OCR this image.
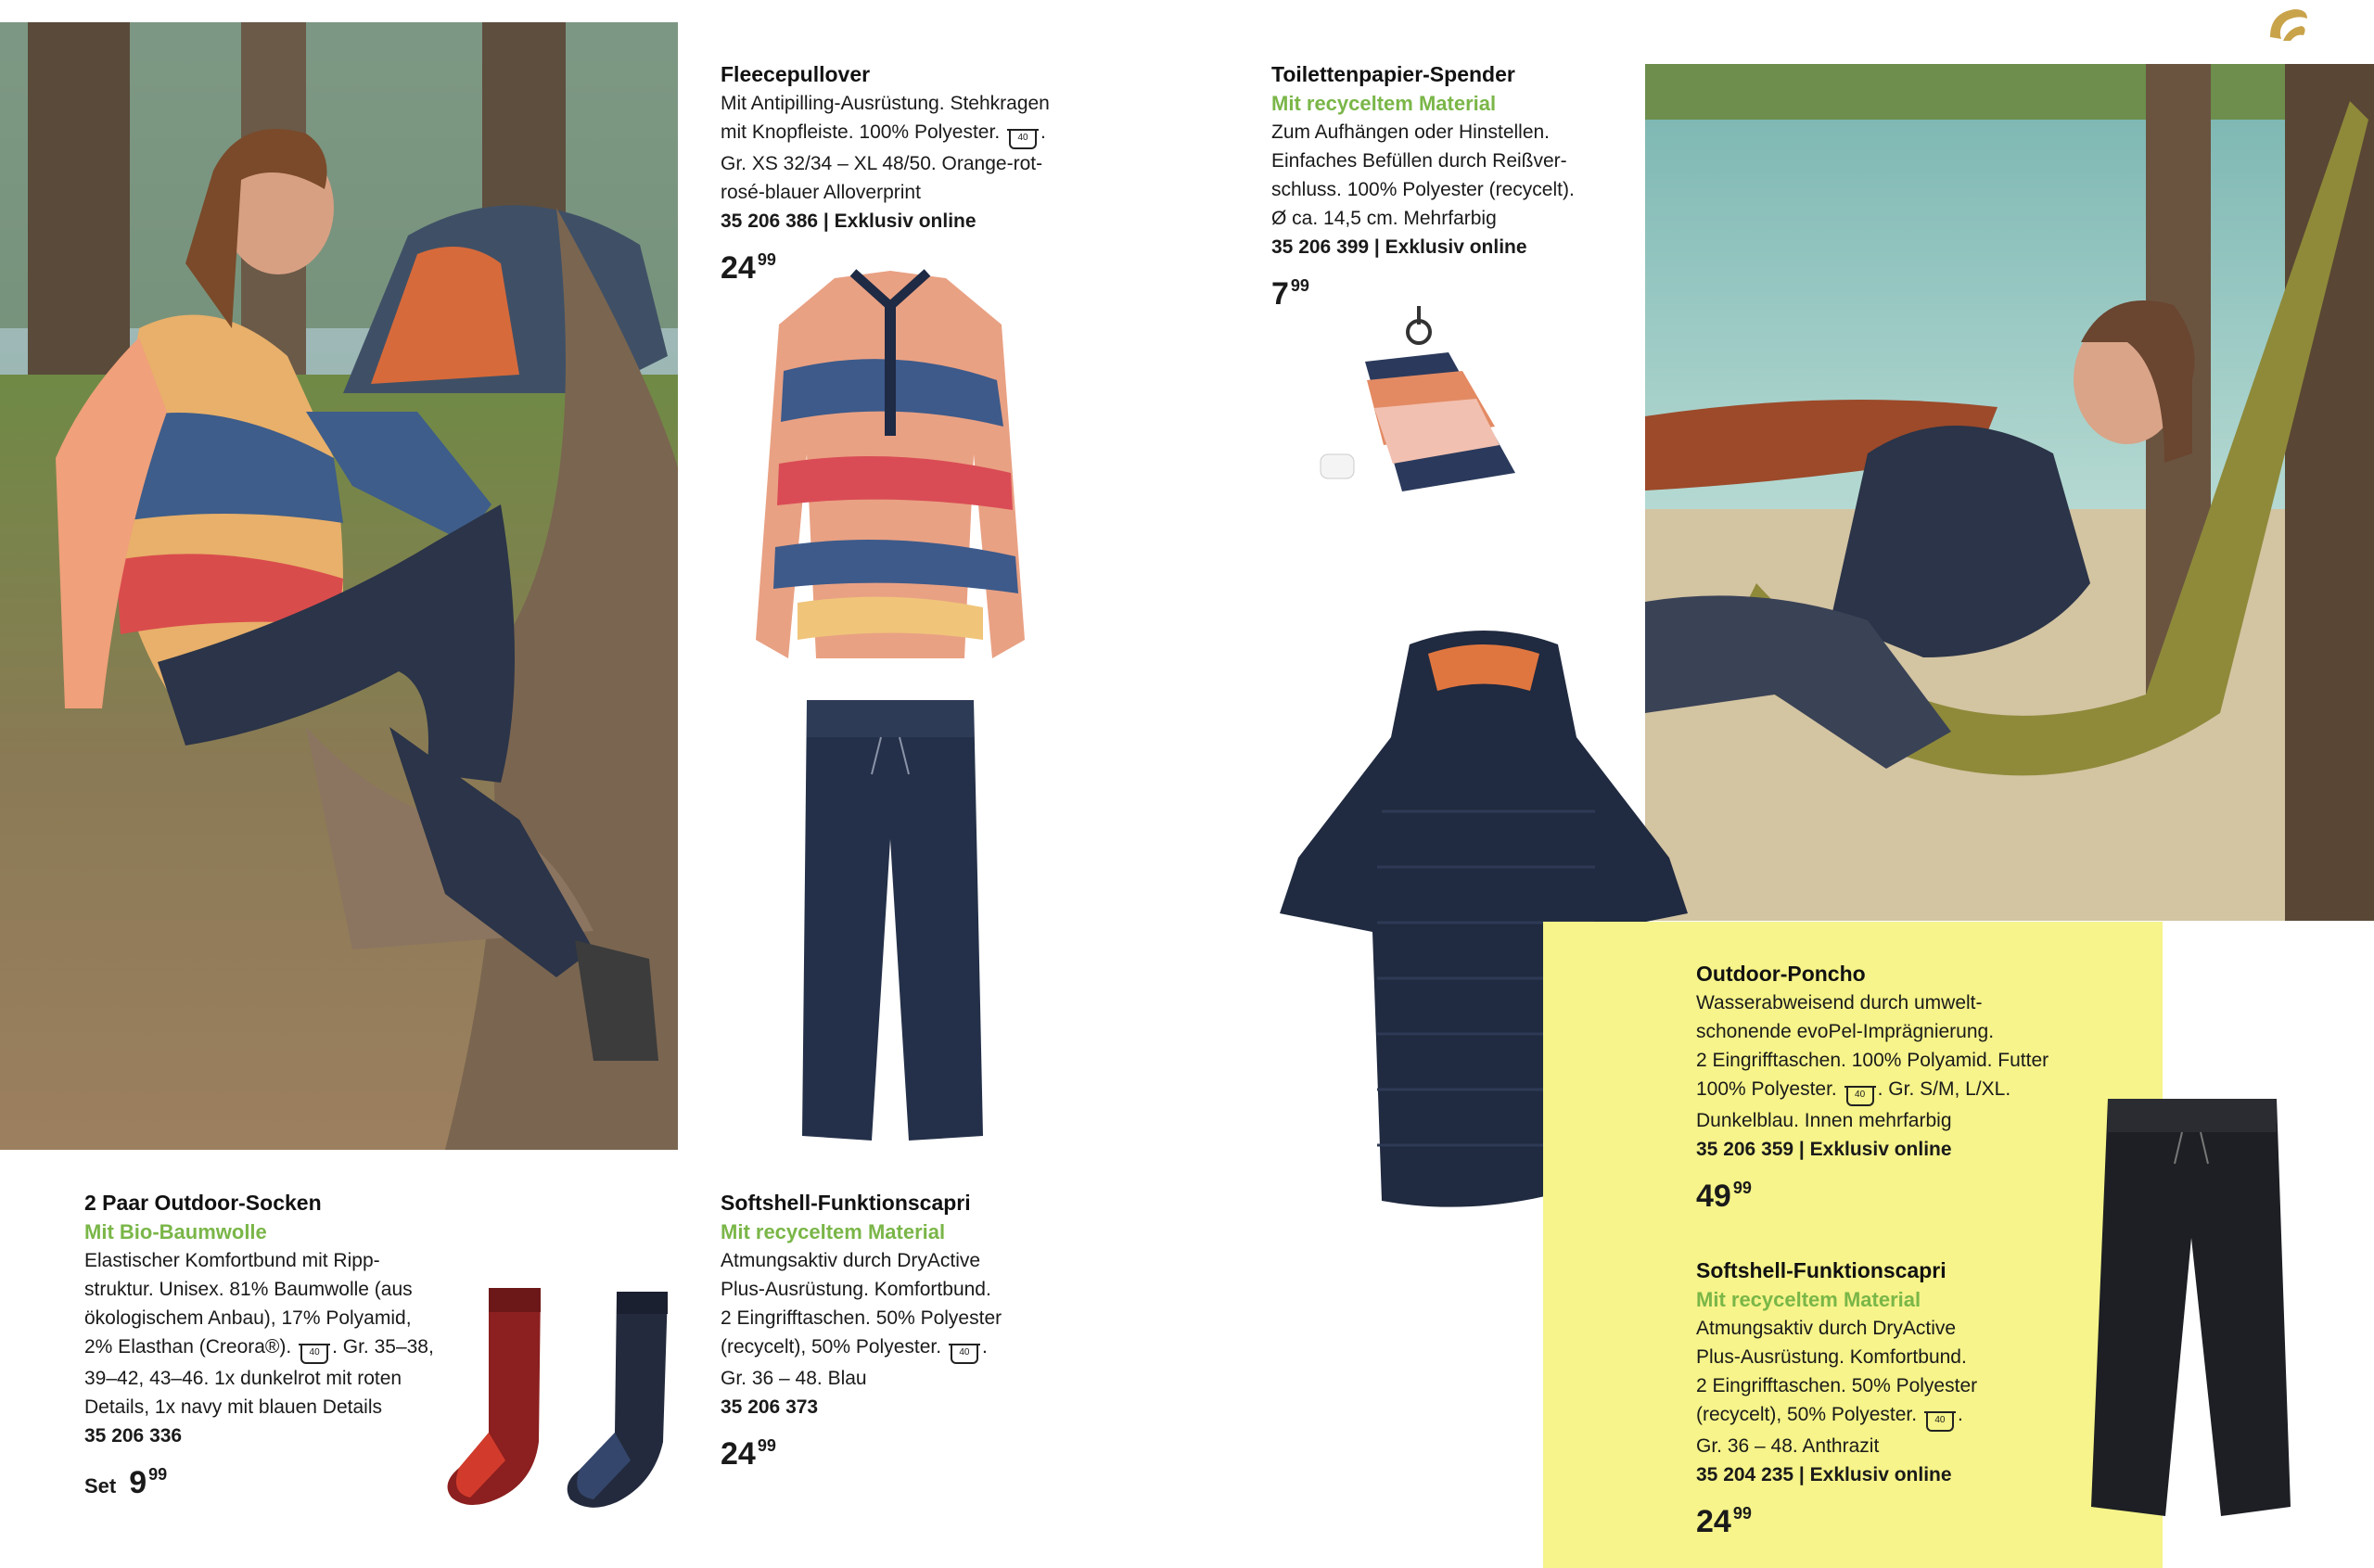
Fleecepullover
Mit Antipilling-Ausrüstung. Stehkragen
mit Knopfleiste. 100% Polyester. 40 .
Gr. XS 32/34 – XL 48/50. Orange-rot-
rosé-blauer Alloverprint
35 206 386 | Exklusiv online
24 $^{99}$
Toilettenpapier-Spender
Mit recyceltem Material
Zum Aufhängen oder Hinstellen.
Einfaches Befüllen durch Reißver-
schluss. 100% Polyester (recycelt).
Ø ca. 14,5 cm. Mehrfarbig
35 206 399 | Exklusiv online
7 $^{99}$
Outdoor-Poncho
Wasserabweisend durch umwelt-
schonende evoPel-Imprägnierung.
2 Eingrifftaschen. 100% Polyamid. Futter
100% Polyester. 40 . Gr. S/M, L/XL.
Dunkelblau. Innen mehrfarbig
35 206 359 | Exklusiv online
49 $^{99}$
Softshell-Funktionscapri
Mit recyceltem Material
Atmungsaktiv durch DryActive
Plus-Ausrüstung. Komfortbund.
2 Eingrifftaschen. 50% Polyester
(recycelt), 50% Polyester. 40 .
Gr. 36 – 48. Anthrazit
35 204 235 | Exklusiv online
24 $^{99}$
2 Paar Outdoor-Socken
Mit Bio-Baumwolle
Elastischer Komfortbund mit Ripp-
struktur. Unisex. 81% Baumwolle (aus
ökologischem Anbau), 17% Polyamid,
2% Elasthan (Creora®). 40 . Gr. 35–38,
39–42, 43–46. 1x dunkelrot mit roten
Details, 1x navy mit blauen Details
35 206 336
Set 9 $^{99}$
Softshell-Funktionscapri
Mit recyceltem Material
Atmungsaktiv durch DryActive
Plus-Ausrüstung. Komfortbund.
2 Eingrifftaschen. 50% Polyester
(recycelt), 50% Polyester. 40 .
Gr. 36 – 48. Blau
35 206 373
24 $^{99}$
